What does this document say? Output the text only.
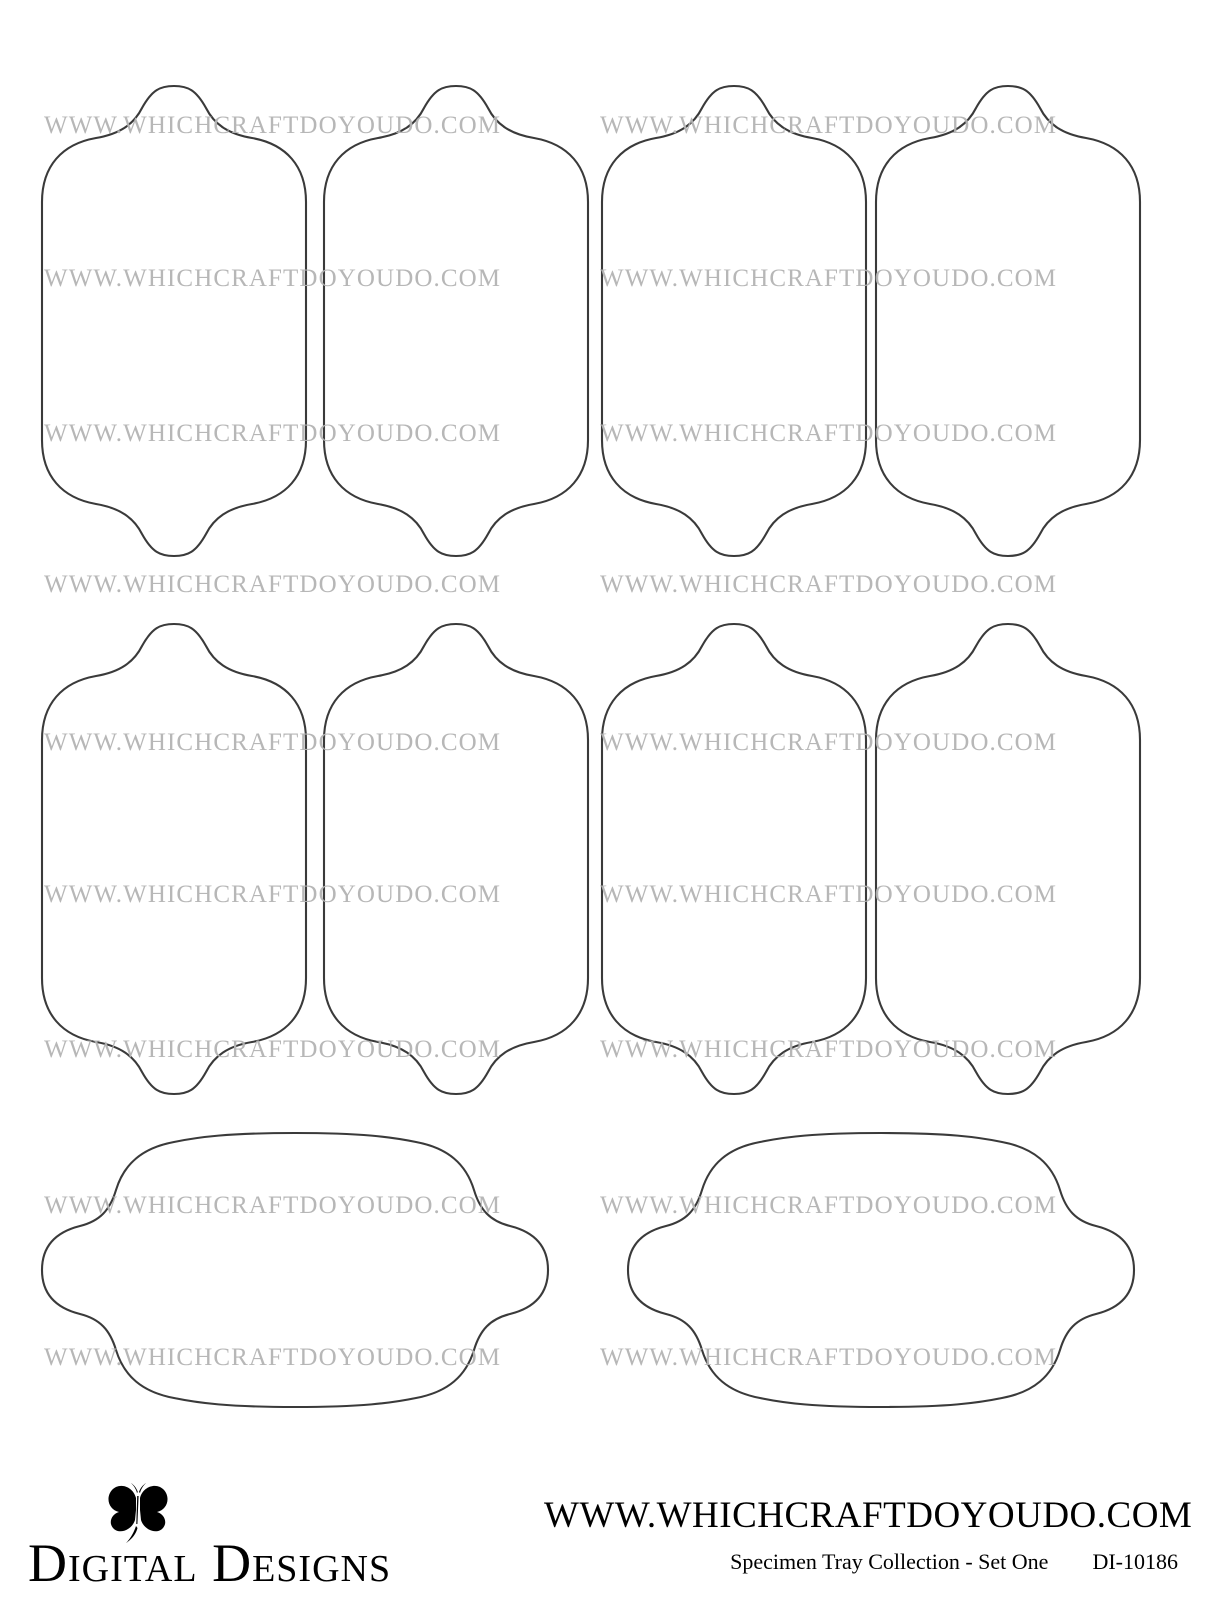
WWW.WHICHCRAFTDOYOUDO.COM	WWW.WHICHCRAFTDOYOUDO.COM
WWW.WHICHCRAFTDOYOUDO.COM	WWW.WHICHCRAFTDOYOUDO.COM
WWW.WHICHCRAFTDOYOUDO.COM	WWW.WHICHCRAFTDOYOUDO.COM
WWW.WHICHCRAFTDOYOUDO.COM	WWW.WHICHCRAFTDOYOUDO.COM
WWW.WHICHCRAFTDOYOUDO.COM	WWW.WHICHCRAFTDOYOUDO.COM
WWW.WHICHCRAFTDOYOUDO.COM	WWW.WHICHCRAFTDOYOUDO.COM
WWW.WHICHCRAFTDOYOUDO.COM	WWW.WHICHCRAFTDOYOUDO.COM
WWW.WHICHCRAFTDOYOUDO.COM	WWW.WHICHCRAFTDOYOUDO.COM
WWW.WHICHCRAFTDOYOUDO.COM	WWW.WHICHCRAFTDOYOUDO.COM
Digital Designs
WWW.WHICHCRAFTDOYOUDO.COM
Specimen Tray Collection - Set One DI-10186
